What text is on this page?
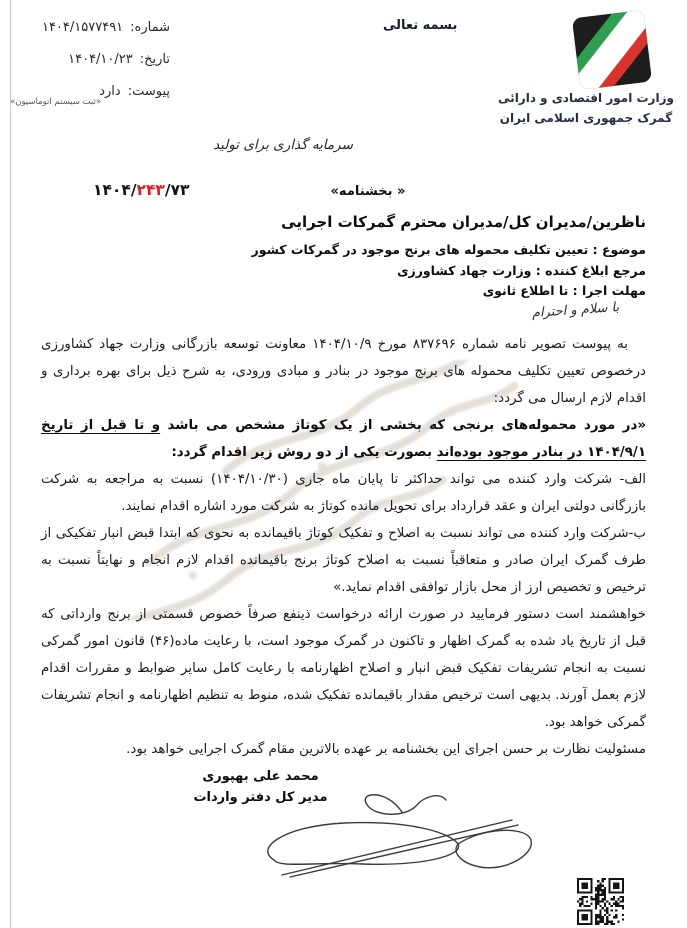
بسمه تعالی
شماره:
۱۴۰۴/۱۵۷۷۴۹۱
تاریخ:
۱۴۰۴/۱۰/۲۳
پیوست:
دارد
«ثبت سیستم اتوماسیون»	وزارت امور اقتصادی و دارائی
گمرک جمهوری اسلامی ایران
سرمایه گذاری برای تولید
« بخشنامه»
۱۴۰۴/۲۴۳/۷۳
ناظرین/مدیران کل/مدیران محترم گمرکات اجرایی
موضوع : تعیین تکلیف محموله های برنج موجود در گمرکات کشور
مرجع ابلاغ کننده : وزارت جهاد کشاورزی
مهلت اجرا : تا اطلاع ثانوی
با سلام و احترام

به پیوست تصویر نامه شماره ۸۳۷۶۹۶ مورخ ۱۴۰۴/۱۰/۹ معاونت توسعه بازرگانی وزارت جهاد کشاورزی درخصوص تعیین تکلیف محموله های برنج موجود در بنادر و مبادی ورودی، به شرح ذیل برای بهره برداری و اقدام لازم ارسال می گردد:

«در مورد محموله‌های برنجی که بخشی از یک کوتاژ مشخص می باشد و تا قبل از تاریخ ۱۴۰۴/۹/۱ در بنادر موجود بوده‌اند بصورت یکی از دو روش زیر اقدام گردد:

الف- شرکت وارد کننده می تواند حداکثر تا پایان ماه جاری (۱۴۰۴/۱۰/۳۰) نسبت به مراجعه به شرکت بازرگانی دولتی ایران و عقد قرارداد برای تحویل مانده کوتاژ به شرکت مورد اشاره اقدام نمایند.

ب-شرکت وارد کننده می تواند نسبت به اصلاح و تفکیک کوتاژ باقیمانده به نحوی که ابتدا قبض انبار تفکیکی از طرف گمرک ایران صادر و متعاقباً نسبت به اصلاح کوتاژ برنج باقیمانده اقدام لازم انجام و نهایتاً نسبت به ترخیص و تخصیص ارز از محل بازار توافقی اقدام نماید.»

خواهشمند است دستور فرمایید در صورت ارائه درخواست ذینفع صرفاً خصوص قسمتی از برنج وارداتی که قبل از تاریخ یاد شده به گمرک اظهار و تاکنون در گمرک موجود است، با رعایت ماده(۴۶) قانون امور گمرکی نسبت به انجام تشریفات تفکیک قبض انبار و اصلاح اظهارنامه با رعایت کامل سایر ضوابط و مقررات اقدام لازم بعمل آورند. بدیهی است ترخیص مقدار باقیمانده تفکیک شده، منوط به تنظیم اظهارنامه و انجام تشریفات گمرکی خواهد بود.

مسئولیت نظارت بر حسن اجرای این بخشنامه بر عهده بالاترین مقام گمرک اجرایی خواهد بود.

محمد علی بهپوری
مدیر کل دفتر واردات
